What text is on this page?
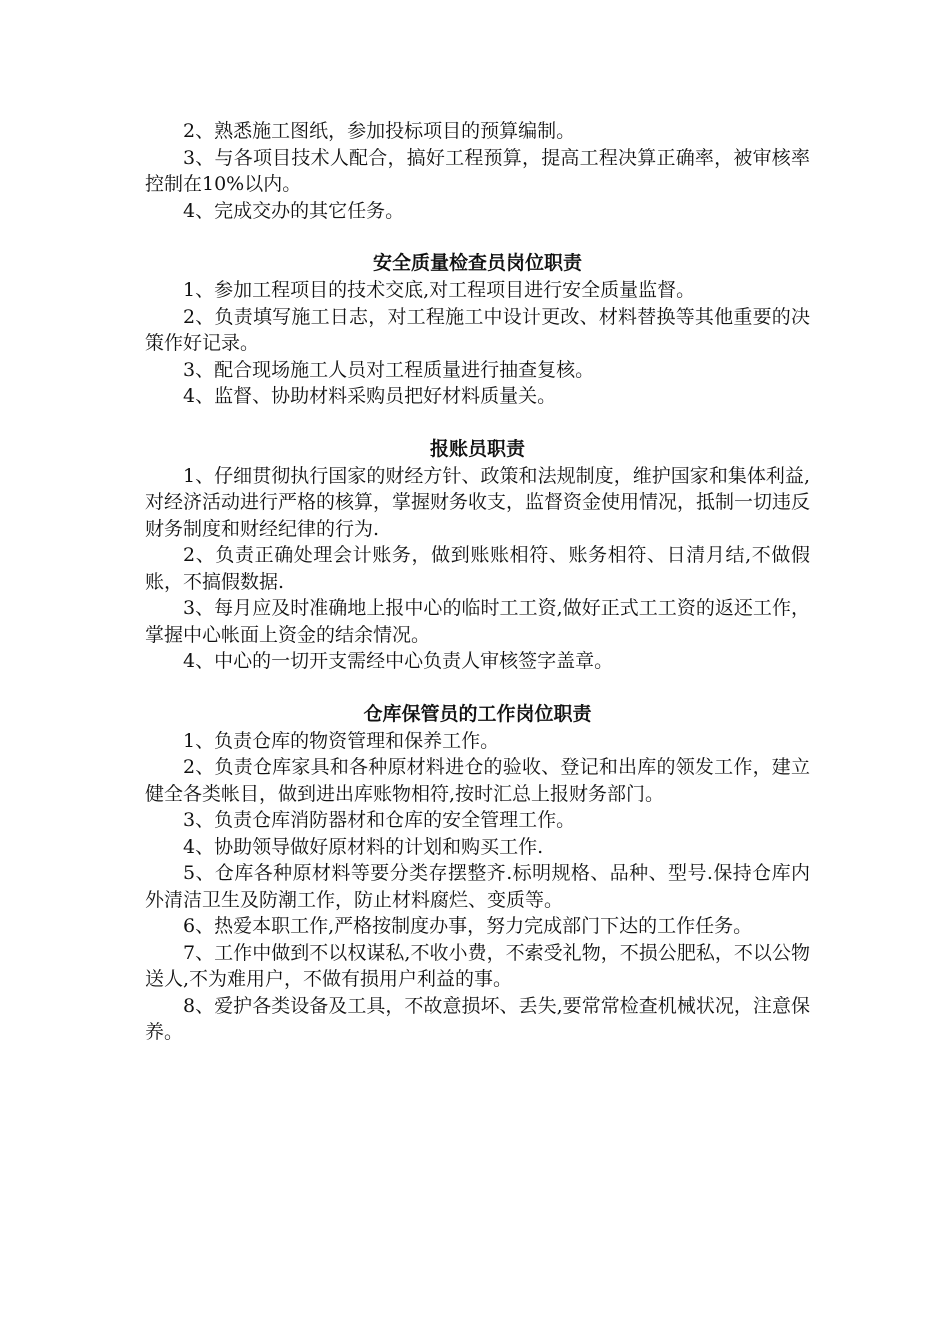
2、熟悉施工图纸，参加投标项目的预算编制。

3、与各项目技术人配合，搞好工程预算，提高工程决算正确率，被审核率控制在10%以内。

4、完成交办的其它任务。

安全质量检查员岗位职责

1、参加工程项目的技术交底,对工程项目进行安全质量监督。

2、负责填写施工日志，对工程施工中设计更改、材料替换等其他重要的决策作好记录。

3、配合现场施工人员对工程质量进行抽查复核。

4、监督、协助材料采购员把好材料质量关。

报账员职责

1、仔细贯彻执行国家的财经方针、政策和法规制度，维护国家和集体利益,对经济活动进行严格的核算，掌握财务收支，监督资金使用情况，抵制一切违反财务制度和财经纪律的行为.

2、负责正确处理会计账务，做到账账相符、账务相符、日清月结,不做假账，不搞假数据.

3、每月应及时准确地上报中心的临时工工资,做好正式工工资的返还工作，掌握中心帐面上资金的结余情况。

4、中心的一切开支需经中心负责人审核签字盖章。

仓库保管员的工作岗位职责

1、负责仓库的物资管理和保养工作。

2、负责仓库家具和各种原材料进仓的验收、登记和出库的领发工作，建立健全各类帐目，做到进出库账物相符,按时汇总上报财务部门。

3、负责仓库消防器材和仓库的安全管理工作。

4、协助领导做好原材料的计划和购买工作.

5、仓库各种原材料等要分类存摆整齐.标明规格、品种、型号.保持仓库内外清洁卫生及防潮工作，防止材料腐烂、变质等。

6、热爱本职工作,严格按制度办事，努力完成部门下达的工作任务。

7、工作中做到不以权谋私,不收小费，不索受礼物，不损公肥私，不以公物送人,不为难用户，不做有损用户利益的事。

8、爱护各类设备及工具，不故意损坏、丢失,要常常检查机械状况，注意保养。
